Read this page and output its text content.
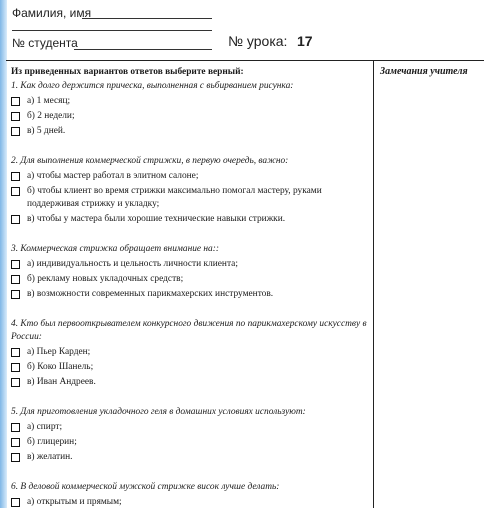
Фамилия, имя
№ студента	№ урока: 17
Замечания учителя
Из приведенных вариантов ответов выберите верный:
1. Как долго держится прическа, выполненная с вьбирванием рисунка:
а) 1 месяц;
б) 2 недели;
в) 5 дней.
2. Для выполнения коммерческой стрижки, в первую очередь, важно:
а) чтобы мастер работал в элитном салоне;
б) чтобы клиент во время стрижки максимально помогал мастеру, руками поддерживая стрижку и укладку;
в) чтобы у мастера были хорошие технические навыки стрижки.
3. Коммерческая стрижка обращает внимание на::
а) индивидуальность и цельность личности клиента;
б) рекламу новых укладочных средств;
в) возможности современных парикмахерских инструментов.
4. Кто был первооткрывателем конкурсного движения по парикмахерскому искусству в России:
а) Пьер Карден;
б) Коко Шанель;
в) Иван Андреев.
5. Для приготовления укладочного геля в домашних условиях используют:
а) спирт;
б) глицерин;
в) желатин.
6. В деловой коммерческой мужской стрижке висок лучше делать:
а) открытым и прямым;
